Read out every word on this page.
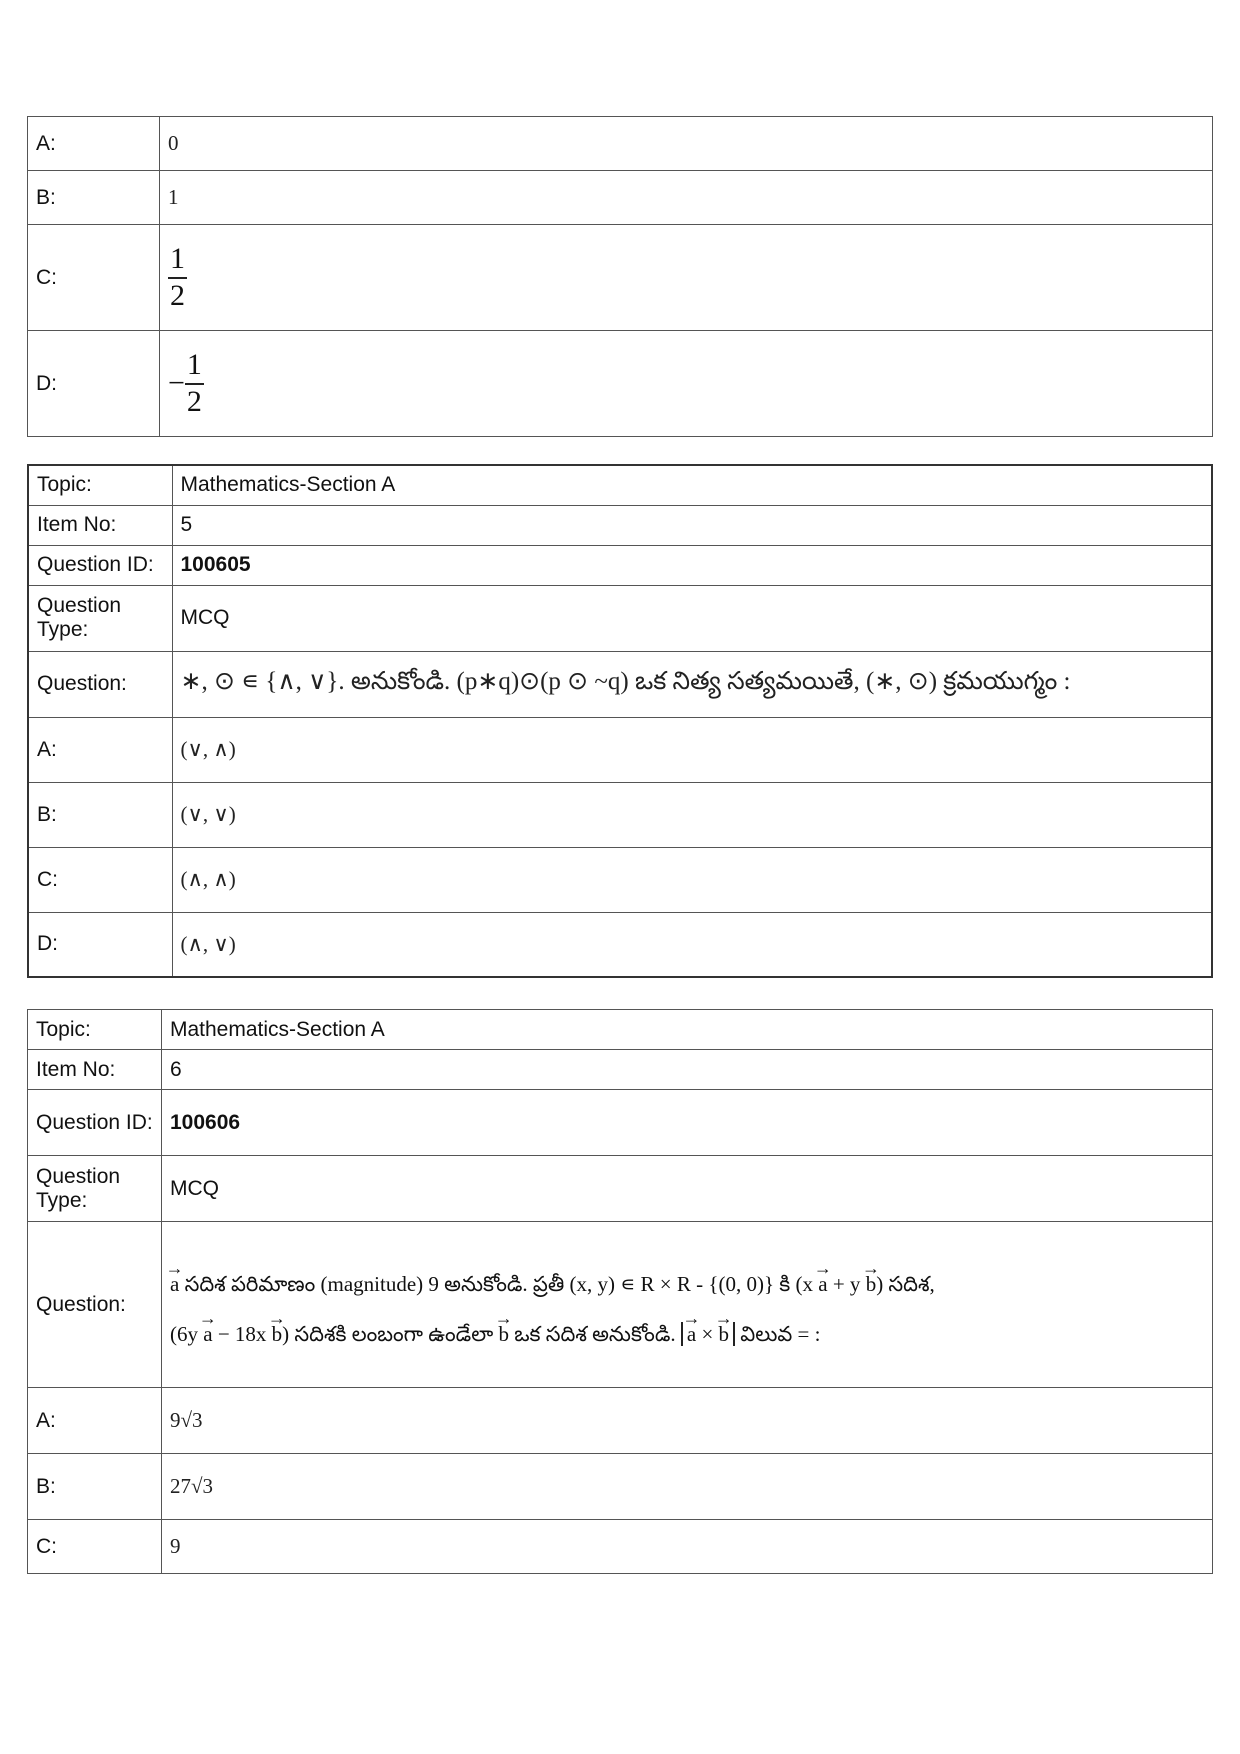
A:	0
B:	1
C:	$\frac{1}{2}$

D:	− $\frac{1}{2}$
Topic:	Mathematics-Section A
Item No:	5
Question ID:	100605
Question Type:	MCQ
Question:	∗, ⊙ ∊ {∧, ∨}. అనుకోండి. (p∗q)⊙(p ⊙ ~q) ఒక నిత్య సత్యమయితే, (∗, ⊙) క్రమయుగ్మం :
A:	(∨, ∧)
B:	(∨, ∨)
C:	(∧, ∧)
D:	(∧, ∨)
Topic:	Mathematics-Section A
Item No:	6
Question ID:	100606
Question Type:	MCQ
Question:	→ a సదిశ పరిమాణం (magnitude) 9 అనుకోండి. ప్రతీ (x, y) ∊ R × R - {(0, 0)} కి (x → a + y → b) సదిశ,
(6y → a − 18x → b) సదిశకి లంబంగా ఉండేలా → b ఒక సదిశ అనుకోండి. → a × → b విలువ = :

A:	9√3
B:	27√3
C:	9
